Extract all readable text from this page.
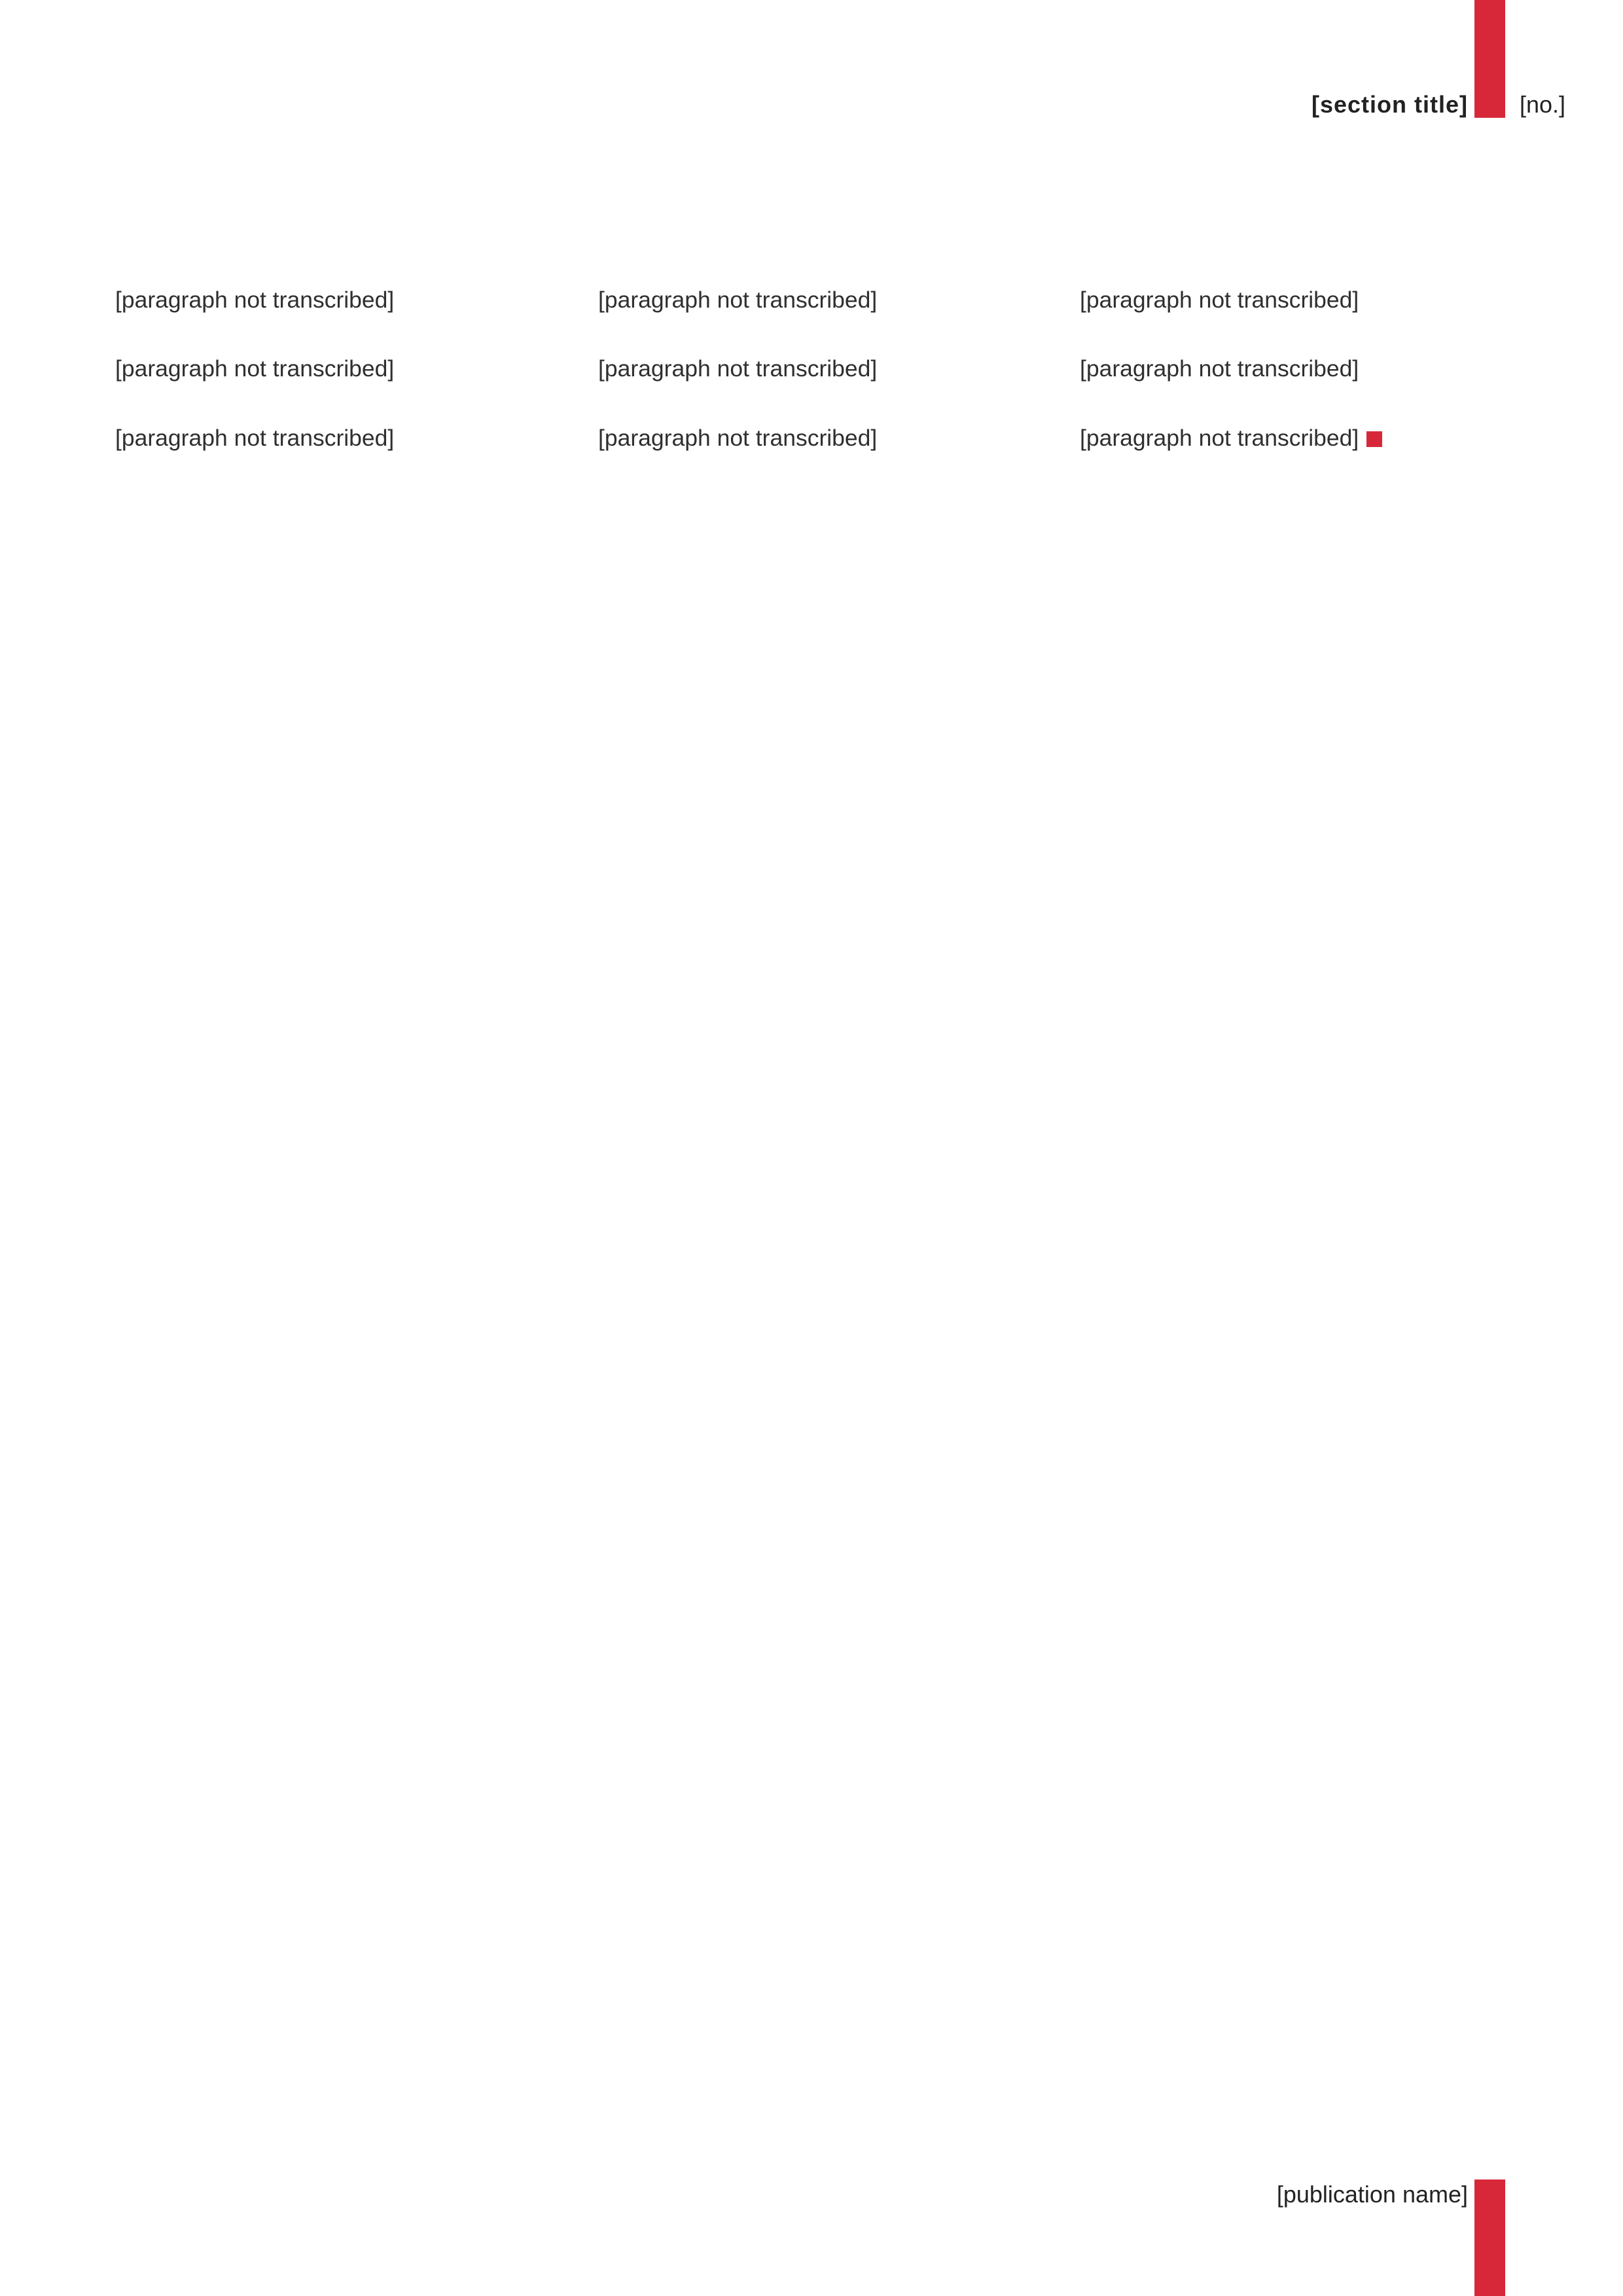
[section title] [no.]

[paragraph not transcribed]

[paragraph not transcribed]

[paragraph not transcribed]

[paragraph not transcribed]

[paragraph not transcribed]

[paragraph not transcribed]

[paragraph not transcribed]

[paragraph not transcribed]

[paragraph not transcribed]

[publication name]
